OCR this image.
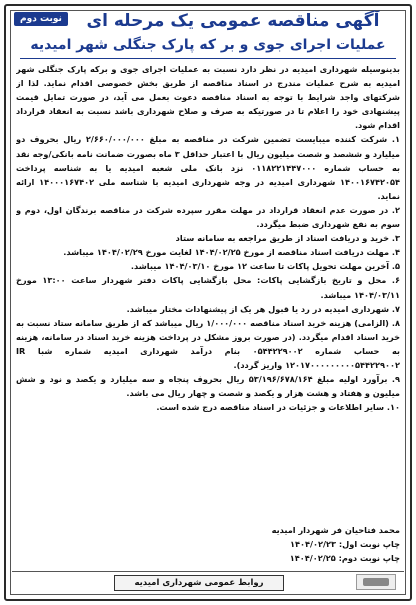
نوبت دوم	آگهی مناقصه عمومی یک مرحله ای
عملیات اجرای جوی و بر که پارک جنگلی شهر امیدیه

بدینوسیله شهرداری امیدیه در نظر دارد نسبت به عملیات اجرای جوی و برکه پارک جنگلی شهر امیدیه به شرح عملیات مندرج در اسناد مناقصه از طریق بخش خصوصی اقدام نماید. لذا از شرکتهای واجد شرایط با توجه به اسناد مناقصه دعوت بعمل می آید، در صورت تمایل قیمت پیشنهادی خود را اعلام تا در صورتیکه به صرف و صلاح شهرداری باشد نسبت به انعقاد قرارداد اقدام شود.

۱. شرکت کننده میبایست تضمین شرکت در مناقصه به مبلغ ۲/۶۶۰/۰۰۰/۰۰۰ ریال بحروف دو میلیارد و ششصد و شصت میلیون ریال با اعتبار حداقل ۳ ماه بصورت ضمانت نامه بانکی/وجه نقد به حساب شماره ۰۱۱۸۲۲۱۴۴۷۰۰۰ نزد بانک ملی شعبه امیدیه یا به شناسه پرداخت ۱۴۰۰۱۶۷۴۲۰۵۴ شهرداری امیدیه در وجه شهرداری امیدیه با شناسه ملی ۱۴۰۰۰۱۶۷۴۰۲ ارائه نماید.

۲. در صورت عدم انعقاد قرارداد در مهلت مقرر سپرده شرکت در مناقصه برندگان اول، دوم و سوم به نفع شهرداری ضبط میگردد.

۳. خرید و دریافت اسناد از طریق مراجعه به سامانه ستاد

۴. مهلت دریافت اسناد مناقصه از مورخ ۱۴۰۴/۰۲/۲۵ لغایت مورخ ۱۴۰۴/۰۲/۲۹ میباشد.

۵. آخرین مهلت تحویل پاکات تا ساعت ۱۲ مورخ ۱۴۰۴/۰۳/۱۰ میباشد.

۶. محل و تاریخ بازگشایی پاکات: محل بازگشایی پاکات دفتر شهردار ساعت ۱۳:۰۰ مورخ ۱۴۰۴/۰۳/۱۱ میباشد.

۷. شهرداری امیدیه در رد یا قبول هر یک از پیشنهادات مختار میباشد.

۸. (الزامی) هزینه خرید اسناد مناقصه ۱/۰۰۰/۰۰۰ ریال میباشد که از طریق سامانه ستاد نسبت به خرید اسناد اقدام میگردد. (در صورت بروز مشکل در پرداخت هزینه خرید اسناد در سامانه، هزینه به حساب شماره ۰۵۴۴۲۲۹۰۰۲ بنام درآمد شهرداری امیدیه شماره شبا IR ۱۲۰۱۷۰۰۰۰۰۰۰۰۰۵۴۴۲۲۹۰۰۲ واریز گردد).

۹. برآورد اولیه مبلغ ۵۳/۱۹۶/۶۷۸/۱۶۴ ریال بحروف پنجاه و سه میلیارد و یکصد و نود و شش میلیون و هفتاد و هشت هزار و یکصد و شصت و چهار ریال می باشد.

۱۰. سایر اطلاعات و جزئیات در اسناد مناقصه درج شده است.

محمد فتاحیان فر شهردار امیدیه
چاپ نوبت اول: ۱۴۰۴/۰۲/۲۳
چاپ نوبت دوم: ۱۴۰۴/۰۲/۲۵
روابط عمومی شهرداری امیدیه
